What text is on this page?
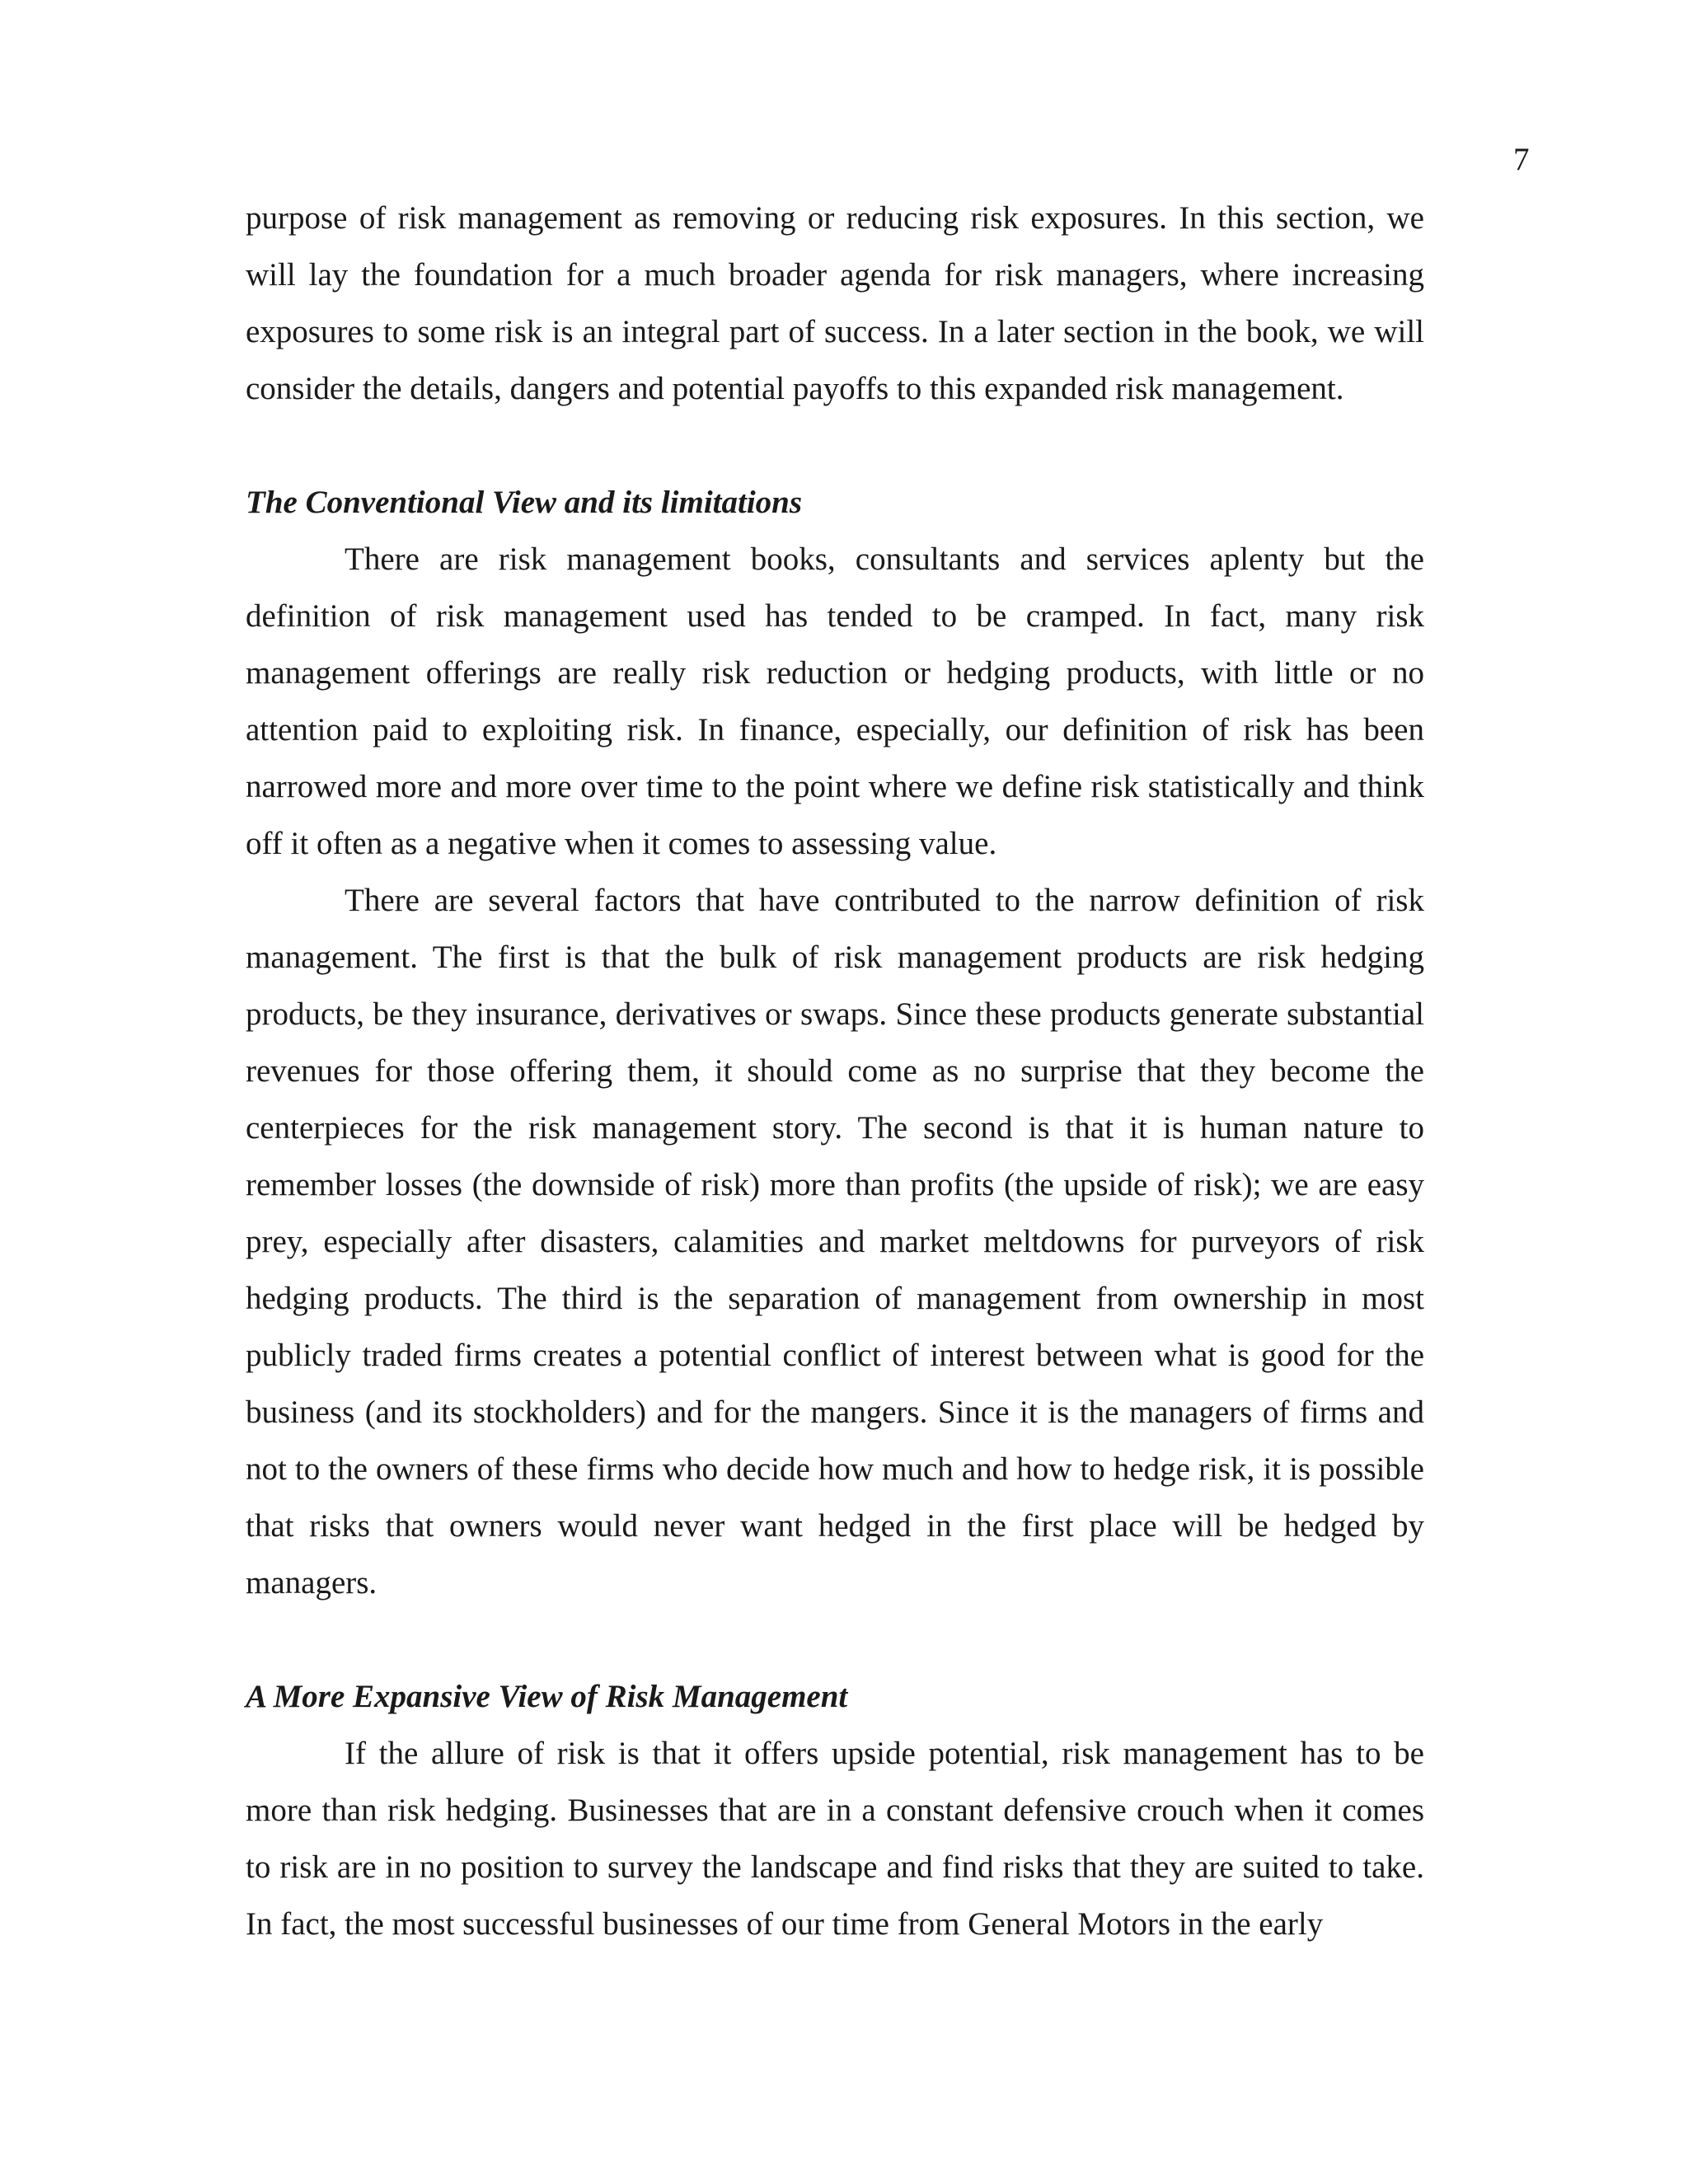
7

purpose of risk management as removing or reducing risk exposures. In this section, we will lay the foundation for a much broader agenda for risk managers, where increasing exposures to some risk is an integral part of success. In a later section in the book, we will consider the details, dangers and potential payoffs to this expanded risk management.

The Conventional View and its limitations

There are risk management books, consultants and services aplenty but the definition of risk management used has tended to be cramped. In fact, many risk management offerings are really risk reduction or hedging products, with little or no attention paid to exploiting risk. In finance, especially, our definition of risk has been narrowed more and more over time to the point where we define risk statistically and think off it often as a negative when it comes to assessing value.

There are several factors that have contributed to the narrow definition of risk management. The first is that the bulk of risk management products are risk hedging products, be they insurance, derivatives or swaps. Since these products generate substantial revenues for those offering them, it should come as no surprise that they become the centerpieces for the risk management story. The second is that it is human nature to remember losses (the downside of risk) more than profits (the upside of risk); we are easy prey, especially after disasters, calamities and market meltdowns for purveyors of risk hedging products. The third is the separation of management from ownership in most publicly traded firms creates a potential conflict of interest between what is good for the business (and its stockholders) and for the mangers. Since it is the managers of firms and not to the owners of these firms who decide how much and how to hedge risk, it is possible that risks that owners would never want hedged in the first place will be hedged by managers.

A More Expansive View of Risk Management

If the allure of risk is that it offers upside potential, risk management has to be more than risk hedging. Businesses that are in a constant defensive crouch when it comes to risk are in no position to survey the landscape and find risks that they are suited to take. In fact, the most successful businesses of our time from General Motors in the early
